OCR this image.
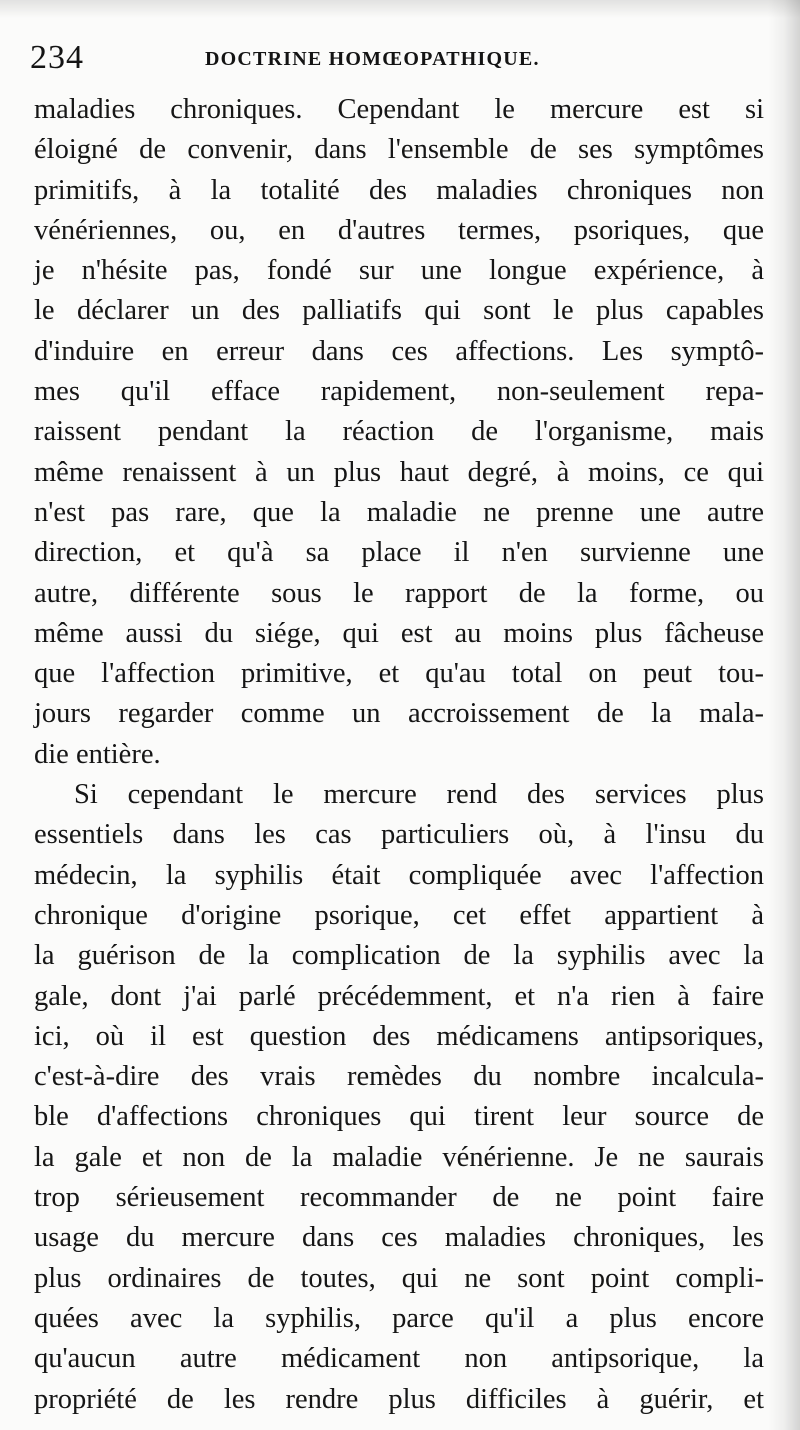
234	DOCTRINE HOMŒOPATHIQUE.
maladies chroniques. Cependant le mercure est si
éloigné de convenir, dans l'ensemble de ses symptômes
primitifs, à la totalité des maladies chroniques non
vénériennes, ou, en d'autres termes, psoriques, que
je n'hésite pas, fondé sur une longue expérience, à
le déclarer un des palliatifs qui sont le plus capables
d'induire en erreur dans ces affections. Les symptô-
mes qu'il efface rapidement, non-seulement repa-
raissent pendant la réaction de l'organisme, mais
même renaissent à un plus haut degré, à moins, ce qui
n'est pas rare, que la maladie ne prenne une autre
direction, et qu'à sa place il n'en survienne une
autre, différente sous le rapport de la forme, ou
même aussi du siége, qui est au moins plus fâcheuse
que l'affection primitive, et qu'au total on peut tou-
jours regarder comme un accroissement de la mala-
die entière.
Si cependant le mercure rend des services plus
essentiels dans les cas particuliers où, à l'insu du
médecin, la syphilis était compliquée avec l'affection
chronique d'origine psorique, cet effet appartient à
la guérison de la complication de la syphilis avec la
gale, dont j'ai parlé précédemment, et n'a rien à faire
ici, où il est question des médicamens antipsoriques,
c'est-à-dire des vrais remèdes du nombre incalcula-
ble d'affections chroniques qui tirent leur source de
la gale et non de la maladie vénérienne. Je ne saurais
trop sérieusement recommander de ne point faire
usage du mercure dans ces maladies chroniques, les
plus ordinaires de toutes, qui ne sont point compli-
quées avec la syphilis, parce qu'il a plus encore
qu'aucun autre médicament non antipsorique, la
propriété de les rendre plus difficiles à guérir, et
